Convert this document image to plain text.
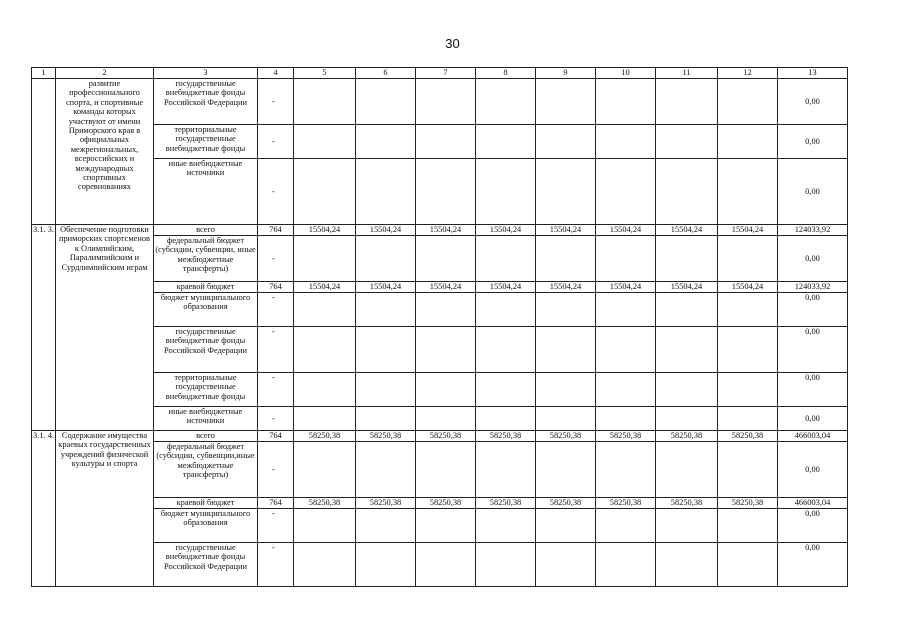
30
1	2	3	4	5	6	7	8	9	10	11	12	13
	развитие профессионального спорта, и спортивные команды которых участвуют от имени Приморского края в официальных межрегиональных, всероссийских и международных спортивных соревнованиях	государственные внебюджетные фонды Российской Федерации	-									0,00
		территориальные государственные внебюджетные фонды	-									0,00
		иные внебюджетные источники	-									0,00
3.1. 3.	Обеспечение подготовки приморских спортсменов к Олимпийским, Паралимпийским и Сурдлимпийским играм	всего	764	15504,24	15504,24	15504,24	15504,24	15504,24	15504,24	15504,24	15504,24	124033,92
		федеральный бюджет (субсидии, субвенции, иные межбюджетные трансферты)	-									0,00
		краевой бюджет	764	15504,24	15504,24	15504,24	15504,24	15504,24	15504,24	15504,24	15504,24	124033,92
		бюджет муниципального образования	-									0,00
		государственные внебюджетные фонды Российской Федерации	-									0,00
		территориальные государственные внебюджетные фонды	-									0,00
		иные внебюджетные источники	-									0,00
3.1. 4.	Содержание имущества краевых государственных учреждений физической культуры и спорта	всего	764	58250,38	58250,38	58250,38	58250,38	58250,38	58250,38	58250,38	58250,38	466003,04
		федеральный бюджет (субсидии, субвенции,иные межбюджетные трансферты)	-									0,00
		краевой бюджет	764	58250,38	58250,38	58250,38	58250,38	58250,38	58250,38	58250,38	58250,38	466003,04
		бюджет муниципального образования	-									0,00
		государственные внебюджетные фонды Российской Федерации	-									0,00
